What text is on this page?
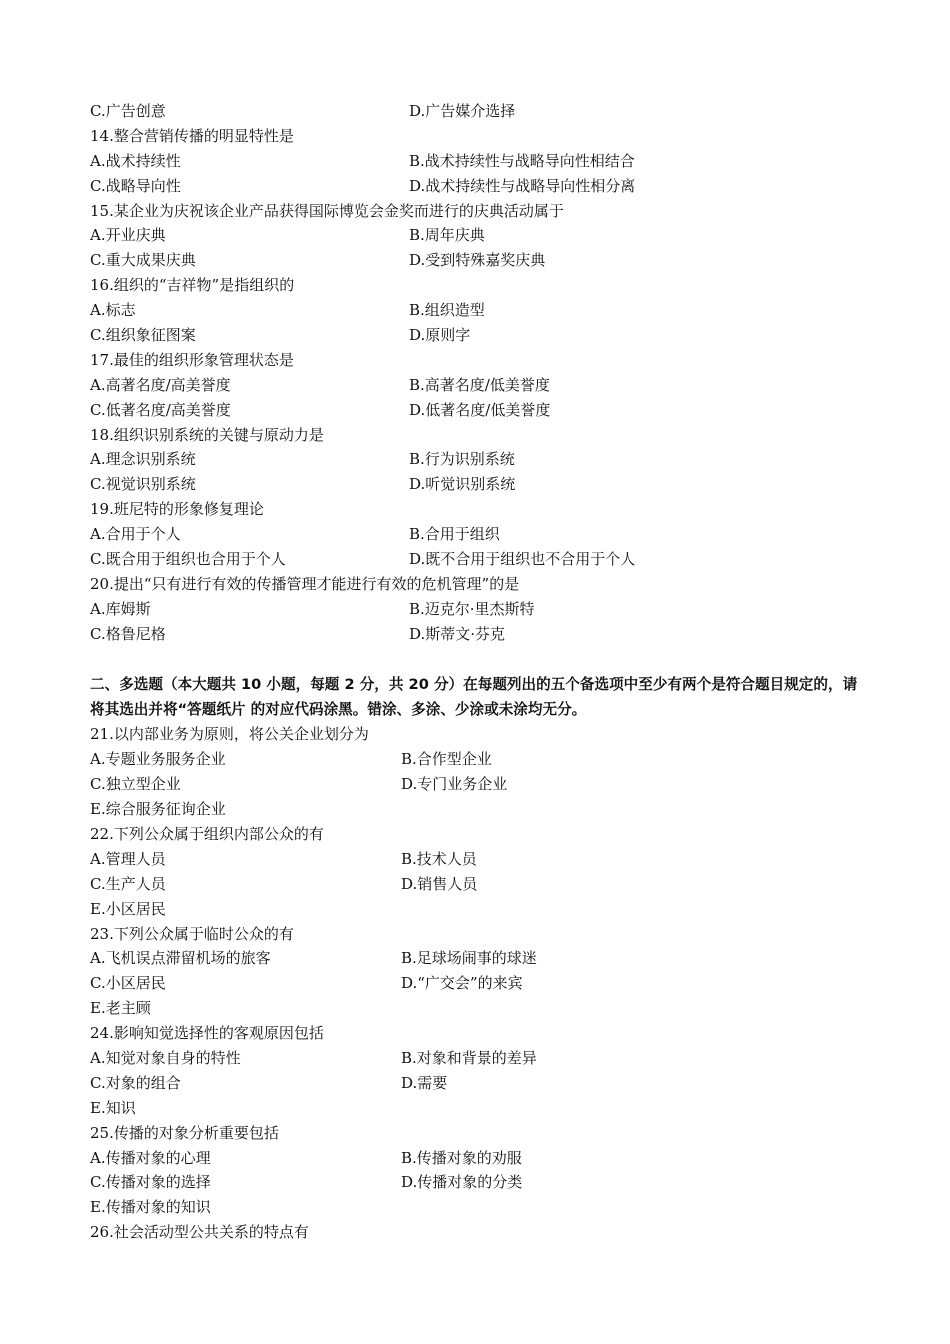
C.广告创意	D.广告媒介选择
14.整合营销传播的明显特性是
A.战术持续性	B.战术持续性与战略导向性相结合
C.战略导向性	D.战术持续性与战略导向性相分离
15.某企业为庆祝该企业产品获得国际博览会金奖而进行的庆典活动属于
A.开业庆典	B.周年庆典
C.重大成果庆典	D.受到特殊嘉奖庆典
16.组织的“吉祥物”是指组织的
A.标志	B.组织造型
C.组织象征图案	D.原则字
17.最佳的组织形象管理状态是
A.高著名度/高美誉度	B.高著名度/低美誉度
C.低著名度/高美誉度	D.低著名度/低美誉度
18.组织识别系统的关键与原动力是
A.理念识别系统	B.行为识别系统
C.视觉识别系统	D.听觉识别系统
19.班尼特的形象修复理论
A.合用于个人	B.合用于组织
C.既合用于组织也合用于个人	D.既不合用于组织也不合用于个人
20.提出“只有进行有效的传播管理才能进行有效的危机管理”的是
A.库姆斯	B.迈克尔·里杰斯特
C.格鲁尼格	D.斯蒂文·芬克
二、多选题（本大题共 10 小题，每题 2 分，共 20 分）在每题列出的五个备选项中至少有两个是符合题目规定的，请将其选出并将“答题纸片 的对应代码涂黑。错涂、多涂、少涂或未涂均无分。
21.以内部业务为原则，将公关企业划分为
A.专题业务服务企业	B.合作型企业
C.独立型企业	D.专门业务企业
E.综合服务征询企业
22.下列公众属于组织内部公众的有
A.管理人员	B.技术人员
C.生产人员	D.销售人员
E.小区居民
23.下列公众属于临时公众的有
A.飞机误点滞留机场的旅客	B.足球场闹事的球迷
C.小区居民	D.“广交会”的来宾
E.老主顾
24.影响知觉选择性的客观原因包括
A.知觉对象自身的特性	B.对象和背景的差异
C.对象的组合	D.需要
E.知识
25.传播的对象分析重要包括
A.传播对象的心理	B.传播对象的劝服
C.传播对象的选择	D.传播对象的分类
E.传播对象的知识
26.社会活动型公共关系的特点有
